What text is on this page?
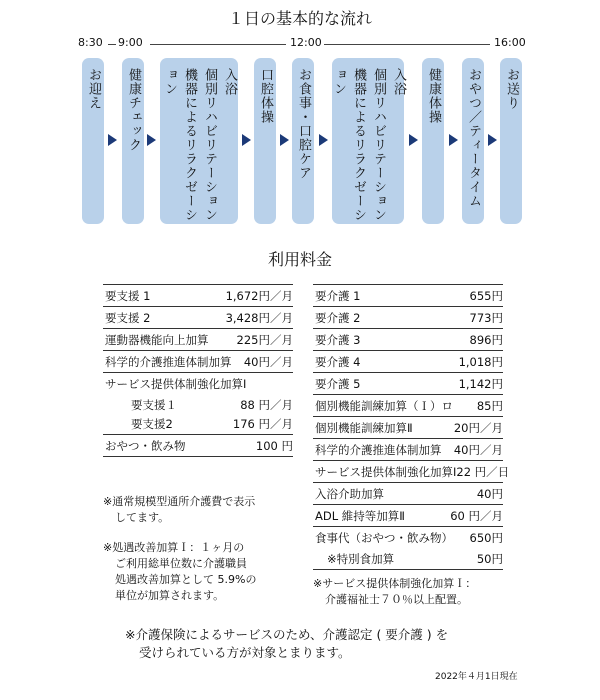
１日の基本的な流れ
8:30 9:00	12:00	16:00
お迎え 健康チェック	機器によるリラクゼーション	個別リハビリテーション 入浴 口腔体操 お食事・口腔ケア	機器によるリラクゼーション	個別リハビリテーション 入浴 健康体操 おやつ／ティータイム お送り
利用料金
要支援 1	1,672円／月
要支援 2	3,428円／月
運動器機能向上加算	225円／月
科学的介護推進体制加算	40円／月
サービス提供体制強化加算Ⅰ
要支援１	88 円／月
要支援2	176 円／月
おやつ・飲み物	100 円
要介護 1	655円
要介護 2	773円
要介護 3	896円
要介護 4	1,018円
要介護 5	1,142円
個別機能訓練加算（Ｉ）ロ	85円
個別機能訓練加算Ⅱ	20円／月
科学的介護推進体制加算	40円／月
サービス提供体制強化加算Ⅰ 22 円／日
入浴介助加算	40円
ADL 維持等加算Ⅱ	60 円／月
食事代（おやつ・飲み物）	650円
※特別食加算	50円
※通常規模型通所介護費で表示
してます。
※処遇改善加算Ｉ：１ヶ月の
ご利用総単位数に介護職員
処遇改善加算として 5.9%の
単位が加算されます。
※サービス提供体制強化加算Ｉ：
介護福祉士７０％以上配置。
※介護保険によるサービスのため、介護認定 ( 要介護 ) を
受けられている方が対象とまります。
2022年４月1日現在
